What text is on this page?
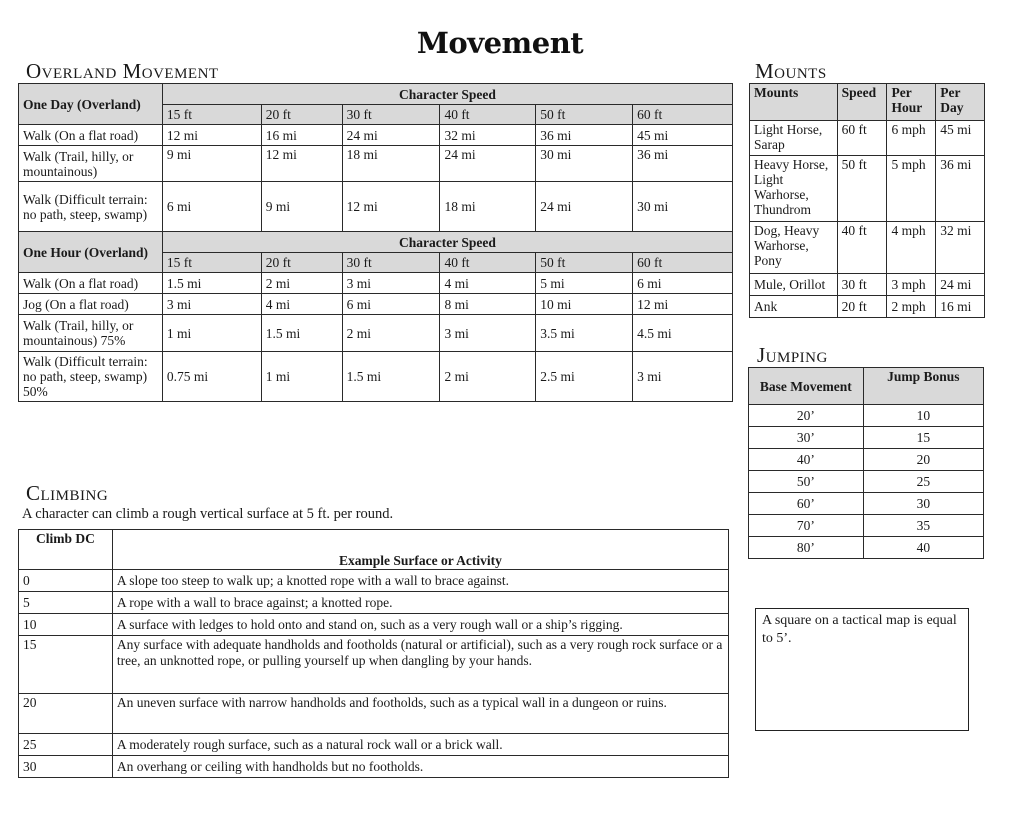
Movement
Overland Movement
One Day (Overland)	Character Speed					
	15 ft	20 ft	30 ft	40 ft	50 ft	60 ft
Walk (On a flat road)	12 mi	16 mi	24 mi	32 mi	36 mi	45 mi
Walk (Trail, hilly, or mountainous)	9 mi	12 mi	18 mi	24 mi	30 mi	36 mi
Walk (Difficult terrain: no path, steep, swamp)	6 mi	9 mi	12 mi	18 mi	24 mi	30 mi
One Hour (Overland)	Character Speed					
	15 ft	20 ft	30 ft	40 ft	50 ft	60 ft
Walk (On a flat road)	1.5 mi	2 mi	3 mi	4 mi	5 mi	6 mi
Jog (On a flat road)	3 mi	4 mi	6 mi	8 mi	10 mi	12 mi
Walk (Trail, hilly, or mountainous) 75%	1 mi	1.5 mi	2 mi	3 mi	3.5 mi	4.5 mi
Walk (Difficult terrain: no path, steep, swamp) 50%	0.75 mi	1 mi	1.5 mi	2 mi	2.5 mi	3 mi
Climbing
A character can climb a rough vertical surface at 5 ft. per round.
Climb DC	Example Surface or Activity
0	A slope too steep to walk up; a knotted rope with a wall to brace against.
5	A rope with a wall to brace against; a knotted rope.
10	A surface with ledges to hold onto and stand on, such as a very rough wall or a ship’s rigging.
15	Any surface with adequate handholds and footholds (natural or artificial), such as a very rough rock surface or a tree, an unknotted rope, or pulling yourself up when dangling by your hands.
20	An uneven surface with narrow handholds and footholds, such as a typical wall in a dungeon or ruins.
25	A moderately rough surface, such as a natural rock wall or a brick wall.
30	An overhang or ceiling with handholds but no footholds.
Mounts
Mounts	Speed	Per Hour	Per Day
Light Horse, Sarap	60 ft	6 mph	45 mi
Heavy Horse, Light Warhorse, Thundrom	50 ft	5 mph	36 mi
Dog, Heavy Warhorse, Pony	40 ft	4 mph	32 mi
Mule, Orillot	30 ft	3 mph	24 mi
Ank	20 ft	2 mph	16 mi
Jumping
Base Movement	Jump Bonus
20’	10
30’	15
40’	20
50’	25
60’	30
70’	35
80’	40
A square on a tactical map is equal to 5’.
